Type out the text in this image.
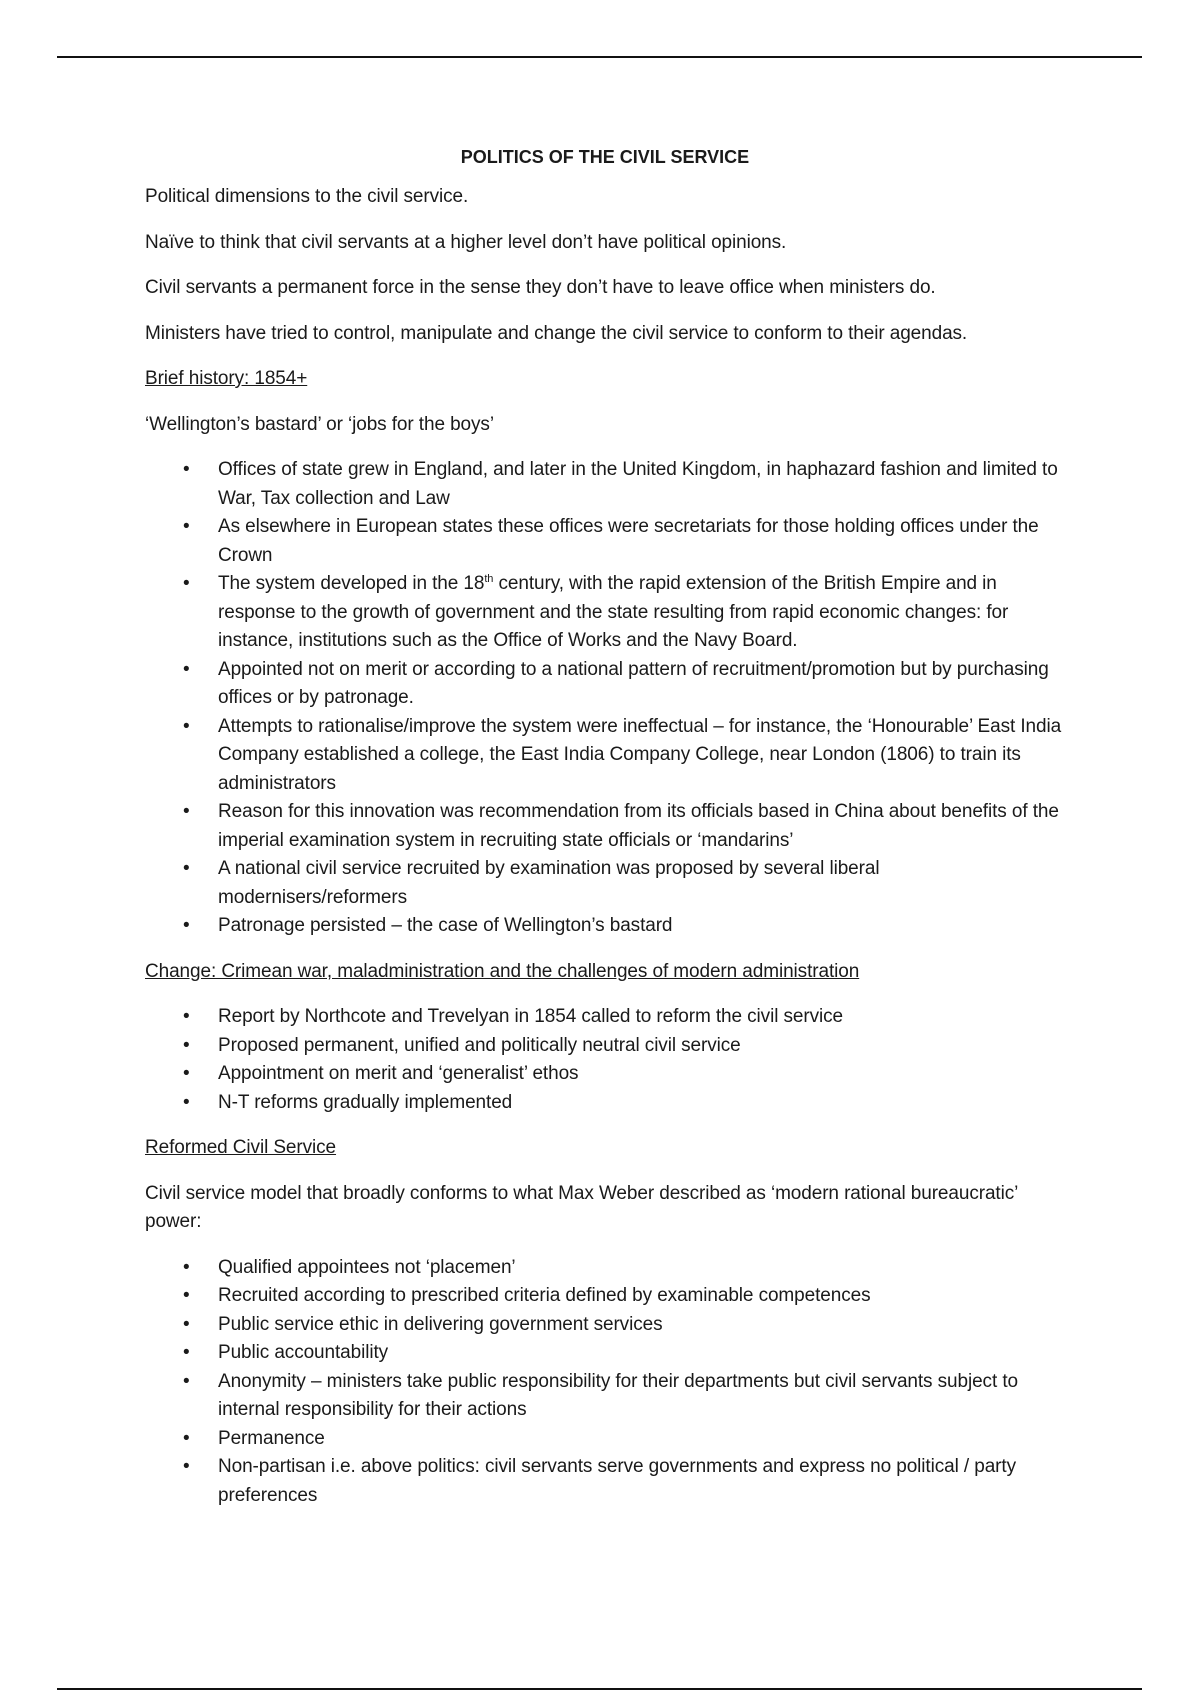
POLITICS OF THE CIVIL SERVICE

Political dimensions to the civil service.

Naïve to think that civil servants at a higher level don’t have political opinions.

Civil servants a permanent force in the sense they don’t have to leave office when ministers do.

Ministers have tried to control, manipulate and change the civil service to conform to their agendas.

Brief history: 1854+

‘Wellington’s bastard’ or ‘jobs for the boys’

• Offices of state grew in England, and later in the United Kingdom, in haphazard fashion and limited to War, Tax collection and Law
• As elsewhere in European states these offices were secretariats for those holding offices under the Crown
• The system developed in the 18th century, with the rapid extension of the British Empire and in response to the growth of government and the state resulting from rapid economic changes: for instance, institutions such as the Office of Works and the Navy Board.
• Appointed not on merit or according to a national pattern of recruitment/promotion but by purchasing offices or by patronage.
• Attempts to rationalise/improve the system were ineffectual – for instance, the ‘Honourable’ East India Company established a college, the East India Company College, near London (1806) to train its administrators
• Reason for this innovation was recommendation from its officials based in China about benefits of the imperial examination system in recruiting state officials or ‘mandarins’
• A national civil service recruited by examination was proposed by several liberal modernisers/reformers
• Patronage persisted – the case of Wellington’s bastard

Change: Crimean war, maladministration and the challenges of modern administration

• Report by Northcote and Trevelyan in 1854 called to reform the civil service
• Proposed permanent, unified and politically neutral civil service
• Appointment on merit and ‘generalist’ ethos
• N-T reforms gradually implemented

Reformed Civil Service

Civil service model that broadly conforms to what Max Weber described as ‘modern rational bureaucratic’ power:

• Qualified appointees not ‘placemen’
• Recruited according to prescribed criteria defined by examinable competences
• Public service ethic in delivering government services
• Public accountability
• Anonymity – ministers take public responsibility for their departments but civil servants subject to internal responsibility for their actions
• Permanence
• Non-partisan i.e. above politics: civil servants serve governments and express no political / party preferences
